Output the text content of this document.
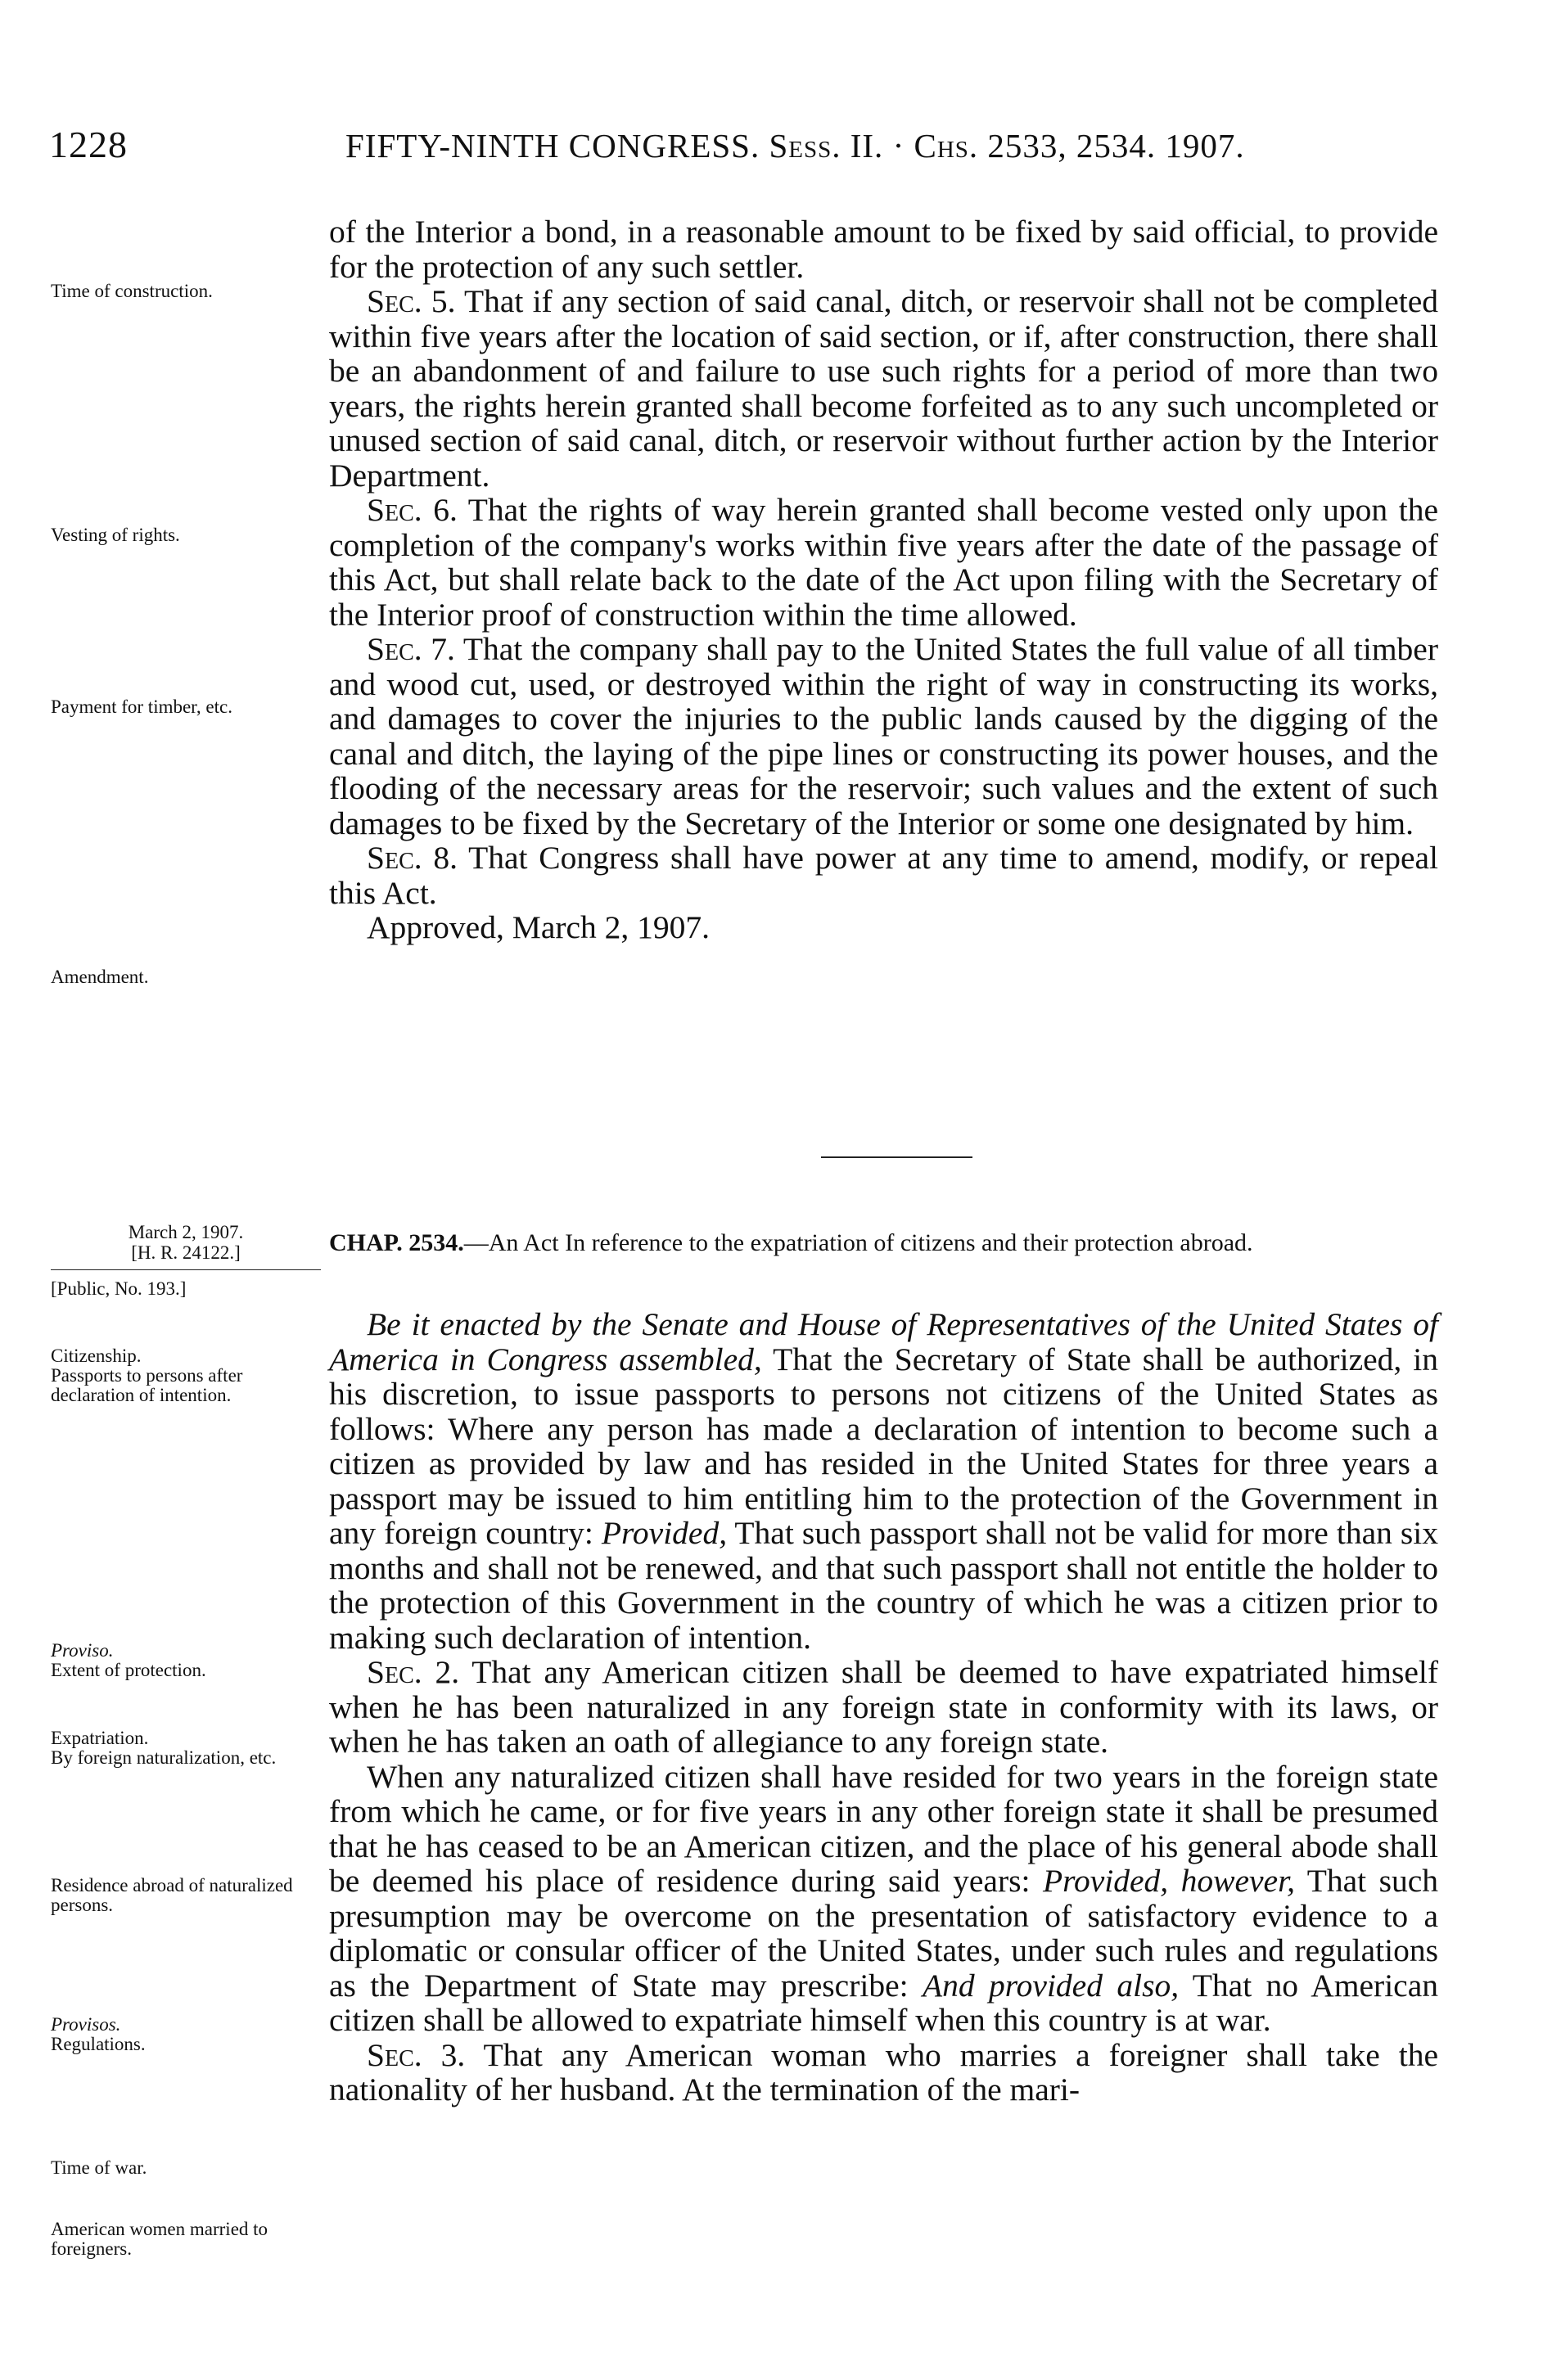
1228	FIFTY-NINTH CONGRESS. Sess. II. · Chs. 2533, 2534. 1907.
Time of construction.
Vesting of rights.
Payment for timber, etc.
Amendment.

of the Interior a bond, in a reasonable amount to be fixed by said official, to provide for the protection of any such settler.

Sec. 5. That if any section of said canal, ditch, or reservoir shall not be completed within five years after the location of said section, or if, after construction, there shall be an abandonment of and failure to use such rights for a period of more than two years, the rights herein granted shall become forfeited as to any such uncompleted or unused section of said canal, ditch, or reservoir without further action by the Interior Department.

Sec. 6. That the rights of way herein granted shall become vested only upon the completion of the company's works within five years after the date of the passage of this Act, but shall relate back to the date of the Act upon filing with the Secretary of the Interior proof of construction within the time allowed.

Sec. 7. That the company shall pay to the United States the full value of all timber and wood cut, used, or destroyed within the right of way in constructing its works, and damages to cover the injuries to the public lands caused by the digging of the canal and ditch, the laying of the pipe lines or constructing its power houses, and the flooding of the necessary areas for the reservoir; such values and the extent of such damages to be fixed by the Secretary of the Interior or some one designated by him.

Sec. 8. That Congress shall have power at any time to amend, modify, or repeal this Act.

Approved, March 2, 1907.

March 2, 1907.
[H. R. 24122.]
[Public, No. 193.]
CHAP. 2534.—An Act In reference to the expatriation of citizens and their protection abroad.
Citizenship.
Passports to persons after declaration of intention.
Proviso.
Extent of protection.
Expatriation.
By foreign naturalization, etc.
Residence abroad of naturalized persons.
Provisos.
Regulations.
Time of war.
American women married to foreigners.

Be it enacted by the Senate and House of Representatives of the United States of America in Congress assembled, That the Secretary of State shall be authorized, in his discretion, to issue passports to persons not citizens of the United States as follows: Where any person has made a declaration of intention to become such a citizen as provided by law and has resided in the United States for three years a passport may be issued to him entitling him to the protection of the Government in any foreign country: Provided, That such passport shall not be valid for more than six months and shall not be renewed, and that such passport shall not entitle the holder to the protection of this Government in the country of which he was a citizen prior to making such declaration of intention.

Sec. 2. That any American citizen shall be deemed to have expatriated himself when he has been naturalized in any foreign state in conformity with its laws, or when he has taken an oath of allegiance to any foreign state.

When any naturalized citizen shall have resided for two years in the foreign state from which he came, or for five years in any other foreign state it shall be presumed that he has ceased to be an American citizen, and the place of his general abode shall be deemed his place of residence during said years: Provided, however, That such presumption may be overcome on the presentation of satisfactory evidence to a diplomatic or consular officer of the United States, under such rules and regulations as the Department of State may prescribe: And provided also, That no American citizen shall be allowed to expatriate himself when this country is at war.

Sec. 3. That any American woman who marries a foreigner shall take the nationality of her husband. At the termination of the mari-
